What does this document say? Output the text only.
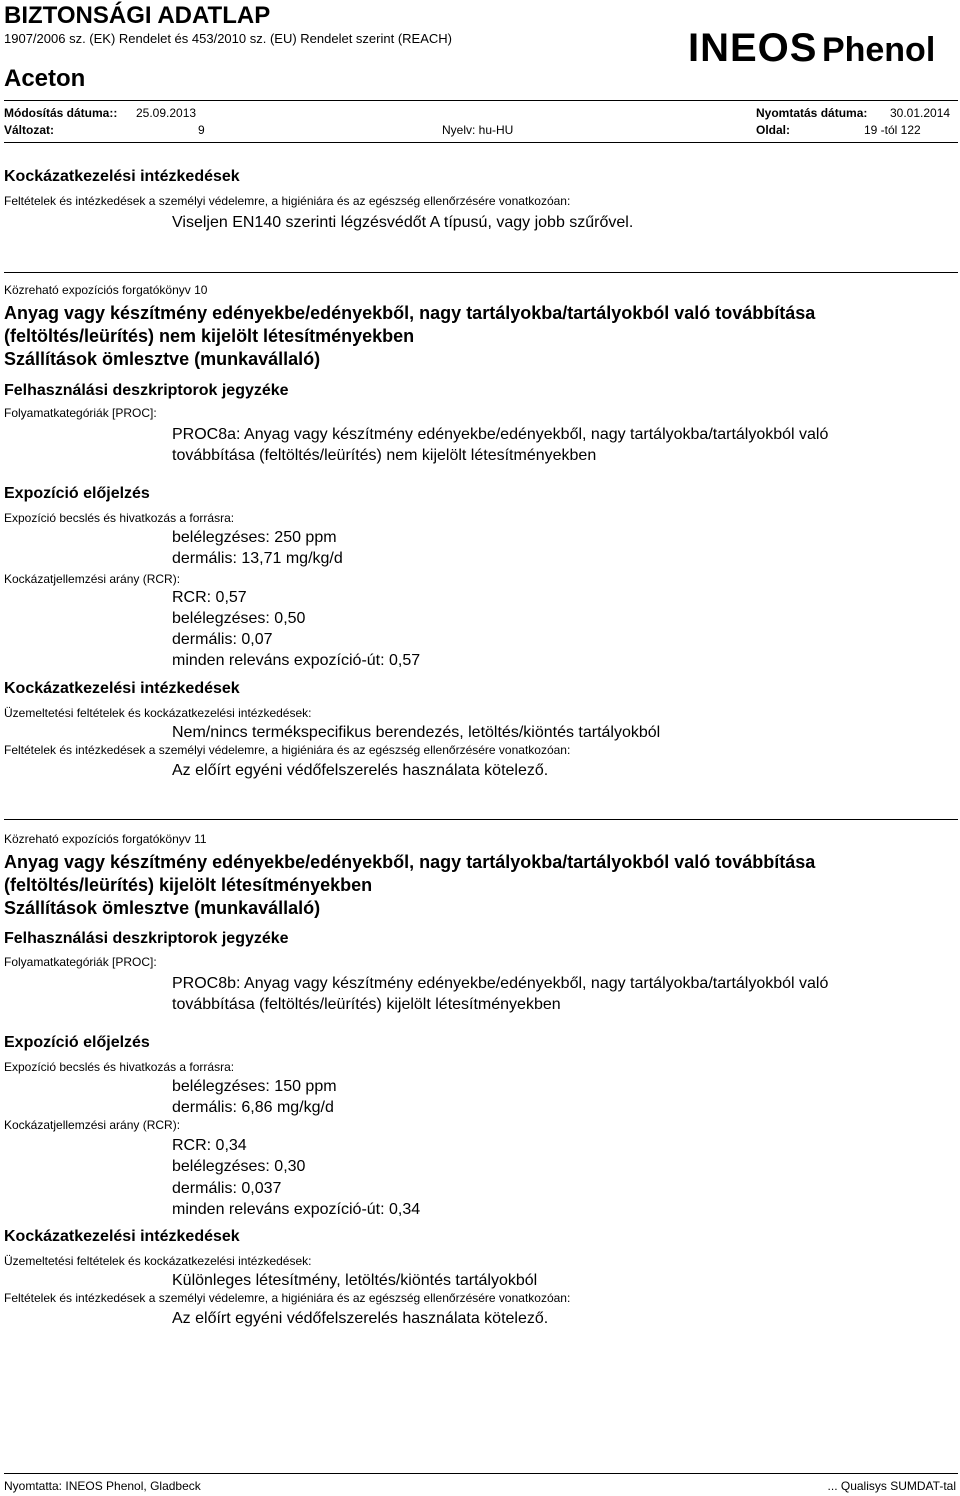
BIZTONSÁGI ADATLAP
1907/2006 sz. (EK) Rendelet és 453/2010 sz. (EU) Rendelet szerint (REACH)
Aceton
INEOS Phenol
Módosítás dátuma:: 25.09.2013	Nyomtatás dátuma: 30.01.2014
Változat:	9	Nyelv: hu-HU	Oldal:	19 -tól 122
Kockázatkezelési intézkedések
Feltételek és intézkedések a személyi védelemre, a higiéniára és az egészség ellenőrzésére vonatkozóan:
Viseljen EN140 szerinti légzésvédőt A típusú, vagy jobb szűrővel.
Közreható expozíciós forgatókönyv 10
Anyag vagy készítmény edényekbe/edényekből, nagy tartályokba/tartályokból való továbbítása
(feltöltés/leürítés) nem kijelölt létesítményekben
Szállítások ömlesztve (munkavállaló)
Felhasználási deszkriptorok jegyzéke
Folyamatkategóriák [PROC]:
PROC8a: Anyag vagy készítmény edényekbe/edényekből, nagy tartályokba/tartályokból való
továbbítása (feltöltés/leürítés) nem kijelölt létesítményekben
Expozíció előjelzés
Expozíció becslés és hivatkozás a forrásra:
belélegzéses: 250 ppm
dermális: 13,71 mg/kg/d
Kockázatjellemzési arány (RCR):
RCR: 0,57
belélegzéses: 0,50
dermális: 0,07
minden releváns expozíció-út: 0,57
Kockázatkezelési intézkedések
Üzemeltetési feltételek és kockázatkezelési intézkedések:
Nem/nincs termékspecifikus berendezés, letöltés/kiöntés tartályokból
Feltételek és intézkedések a személyi védelemre, a higiéniára és az egészség ellenőrzésére vonatkozóan:
Az előírt egyéni védőfelszerelés használata kötelező.
Közreható expozíciós forgatókönyv 11
Anyag vagy készítmény edényekbe/edényekből, nagy tartályokba/tartályokból való továbbítása
(feltöltés/leürítés) kijelölt létesítményekben
Szállítások ömlesztve (munkavállaló)
Felhasználási deszkriptorok jegyzéke
Folyamatkategóriák [PROC]:
PROC8b: Anyag vagy készítmény edényekbe/edényekből, nagy tartályokba/tartályokból való
továbbítása (feltöltés/leürítés) kijelölt létesítményekben
Expozíció előjelzés
Expozíció becslés és hivatkozás a forrásra:
belélegzéses: 150 ppm
dermális: 6,86 mg/kg/d
Kockázatjellemzési arány (RCR):
RCR: 0,34
belélegzéses: 0,30
dermális: 0,037
minden releváns expozíció-út: 0,34
Kockázatkezelési intézkedések
Üzemeltetési feltételek és kockázatkezelési intézkedések:
Különleges létesítmény, letöltés/kiöntés tartályokból
Feltételek és intézkedések a személyi védelemre, a higiéniára és az egészség ellenőrzésére vonatkozóan:
Az előírt egyéni védőfelszerelés használata kötelező.
Nyomtatta: INEOS Phenol, Gladbeck	... Qualisys SUMDAT-tal
